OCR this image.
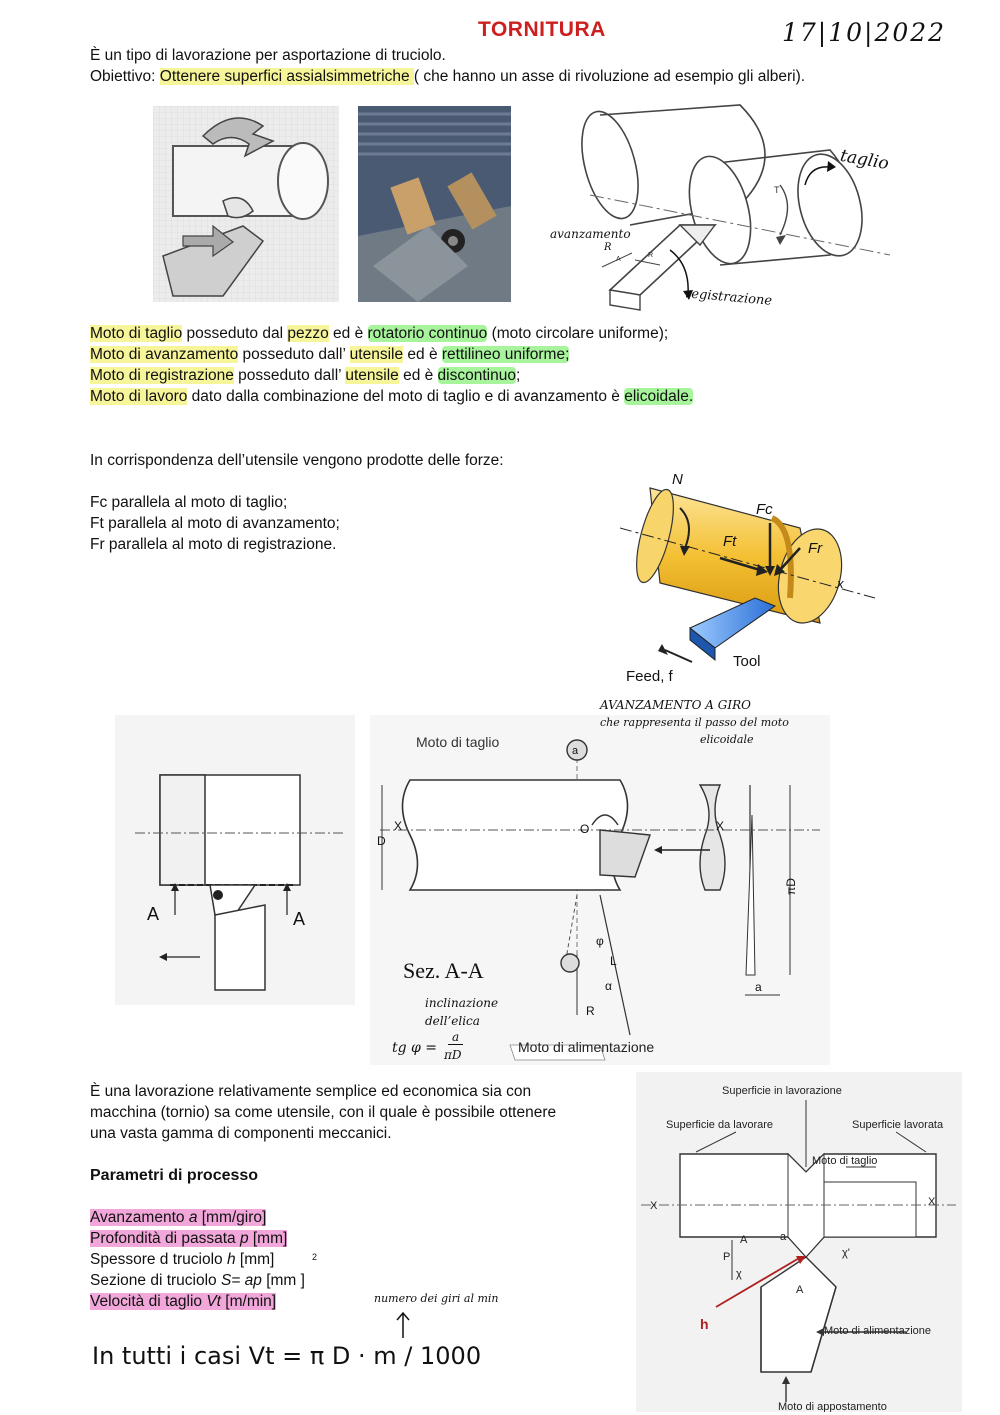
TORNITURA	17|10|2022
È un tipo di lavorazione per asportazione di truciolo.
Obiettivo: Ottenere superfici assialsimmetriche ( che hanno un asse di rivoluzione ad esempio gli alberi).
T
A
R
taglio
avanzamento
R
registrazione
Moto di taglio posseduto dal pezzo ed è rotatorio continuo (moto circolare uniforme);
Moto di avanzamento posseduto dall’ utensile ed è rettilineo uniforme;
Moto di registrazione posseduto dall’ utensile ed è discontinuo;
Moto di lavoro dato dalla combinazione del moto di taglio e di avanzamento è elicoidale.
In corrispondenza dell’utensile vengono prodotte delle forze:
Fc parallela al moto di taglio;
Ft parallela al moto di avanzamento;
Fr parallela al moto di registrazione.
N
Fc
Ft	Fr
x
Tool
Feed, f
A	A
Moto di taglio
a
D
X	X
O
φ
L
α
R
πD
a
Moto di alimentazione
Sez. A-A
AVANZAMENTO A GIRO
che rappresenta il passo del moto
elicoidale
inclinazione
dell’elica
tg φ =
a
πD
È una lavorazione relativamente semplice ed economica sia con
macchina (tornio) sa come utensile, con il quale è possibile ottenere
una vasta gamma di componenti meccanici.
Parametri di processo
Avanzamento a [mm/giro]
Profondità di passata p [mm]
Spessore d truciolo h [mm]	2
Sezione di truciolo S= ap [mm ]
Velocità di taglio Vt [m/min]	numero dei giri al min
In tutti i casi Vt = π D · m / 1000
Superficie in lavorazione
Superficie da lavorare	Superficie lavorata
Moto di taglio
X	X
P
a
A
A
χ
χ'
h	Moto di alimentazione
Moto di appostamento
